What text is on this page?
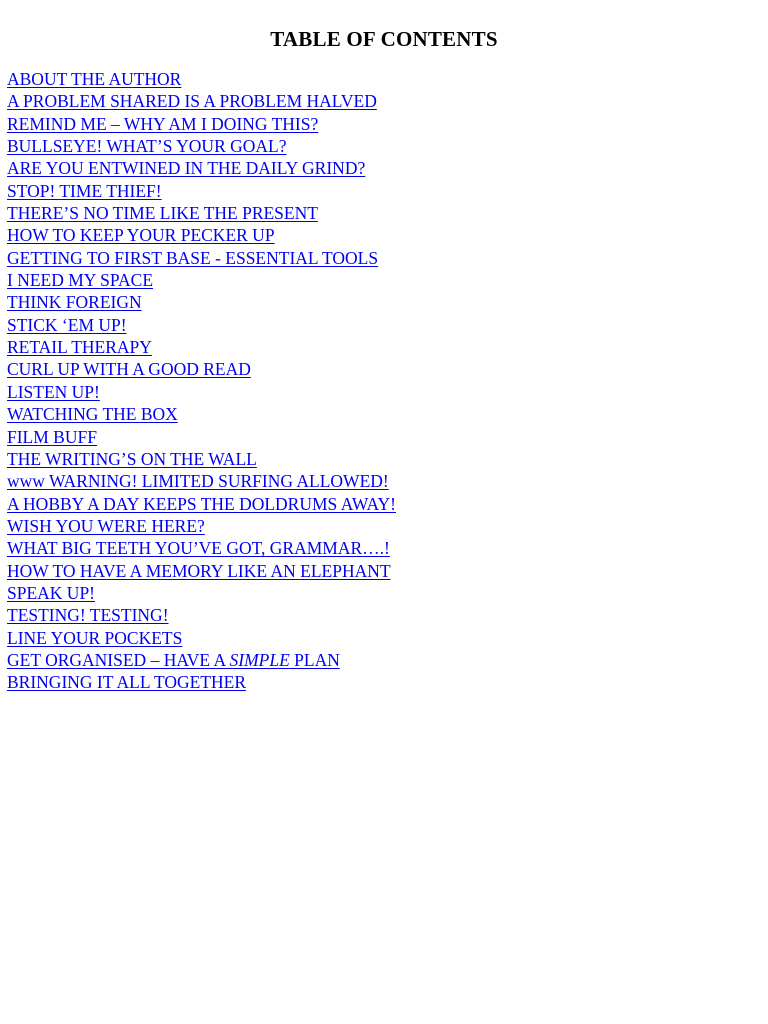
TABLE OF CONTENTS
ABOUT THE AUTHOR
A PROBLEM SHARED IS A PROBLEM HALVED
REMIND ME – WHY AM I DOING THIS?
BULLSEYE! WHAT’S YOUR GOAL?
ARE YOU ENTWINED IN THE DAILY GRIND?
STOP! TIME THIEF!
THERE’S NO TIME LIKE THE PRESENT
HOW TO KEEP YOUR PECKER UP
GETTING TO FIRST BASE - ESSENTIAL TOOLS
I NEED MY SPACE
THINK FOREIGN
STICK ‘EM UP!
RETAIL THERAPY
CURL UP WITH A GOOD READ
LISTEN UP!
WATCHING THE BOX
FILM BUFF
THE WRITING’S ON THE WALL
www WARNING! LIMITED SURFING ALLOWED!
A HOBBY A DAY KEEPS THE DOLDRUMS AWAY!
WISH YOU WERE HERE?
WHAT BIG TEETH YOU’VE GOT, GRAMMAR….!
HOW TO HAVE A MEMORY LIKE AN ELEPHANT
SPEAK UP!
TESTING! TESTING!
LINE YOUR POCKETS
GET ORGANISED – HAVE A SIMPLE PLAN
BRINGING IT ALL TOGETHER
